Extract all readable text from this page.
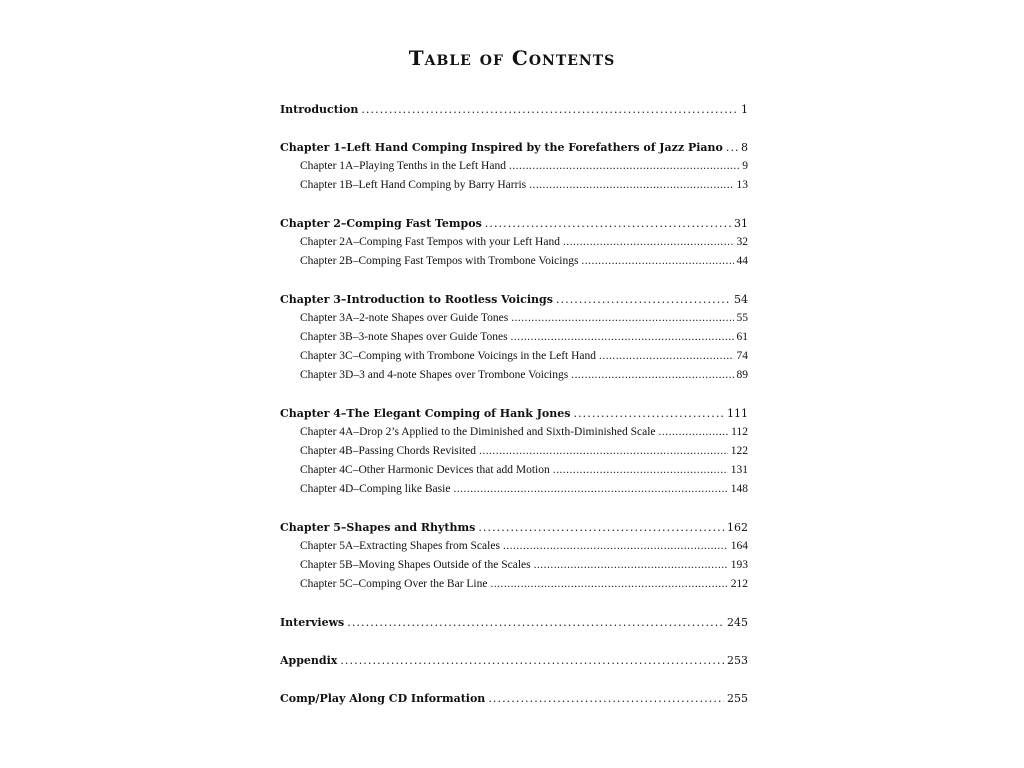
Table of Contents
Introduction . . .	1
Chapter 1–Left Hand Comping Inspired by the Forefathers of Jazz Piano . . . 8
Chapter 1A–Playing Tenths in the Left Hand . . .	9
Chapter 1B–Left Hand Comping by Barry Harris . . .	13
Chapter 2–Comping Fast Tempos . . .	31
Chapter 2A–Comping Fast Tempos with your Left Hand . . .	32
Chapter 2B–Comping Fast Tempos with Trombone Voicings . . .	44
Chapter 3–Introduction to Rootless Voicings . . .	54
Chapter 3A–2-note Shapes over Guide Tones . . .	55
Chapter 3B–3-note Shapes over Guide Tones . . .	61
Chapter 3C–Comping with Trombone Voicings in the Left Hand . . .	74
Chapter 3D–3 and 4-note Shapes over Trombone Voicings . . .	89
Chapter 4–The Elegant Comping of Hank Jones . . .	111
Chapter 4A–Drop 2’s Applied to the Diminished and Sixth-Diminished Scale . . .	112
Chapter 4B–Passing Chords Revisited . . .	122
Chapter 4C–Other Harmonic Devices that add Motion . . .	131
Chapter 4D–Comping like Basie . . .	148
Chapter 5–Shapes and Rhythms . . .	162
Chapter 5A–Extracting Shapes from Scales . . .	164
Chapter 5B–Moving Shapes Outside of the Scales . . .	193
Chapter 5C–Comping Over the Bar Line . . .	212
Interviews . . .	245
Appendix . . .	253
Comp/Play Along CD Information . . .	255
